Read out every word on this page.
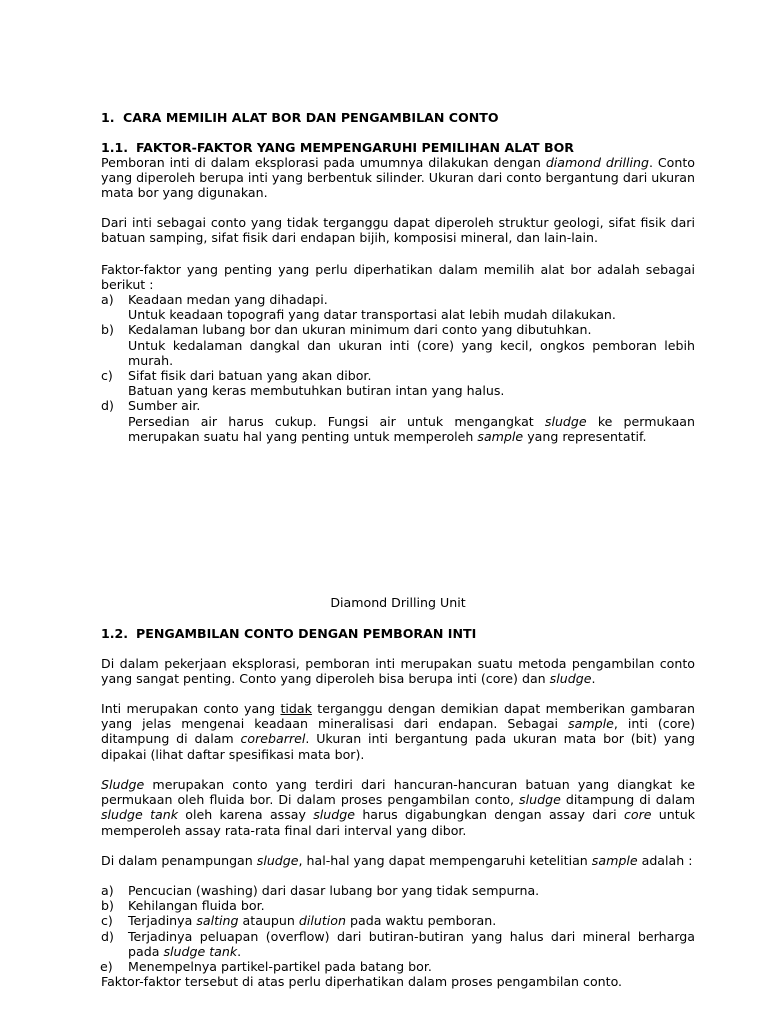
1. CARA MEMILIH ALAT BOR DAN PENGAMBILAN CONTO
1.1. FAKTOR-FAKTOR YANG MEMPENGARUHI PEMILIHAN ALAT BOR

Pemboran inti di dalam eksplorasi pada umumnya dilakukan dengan diamond drilling. Conto yang diperoleh berupa inti yang berbentuk silinder. Ukuran dari conto bergantung dari ukuran mata bor yang digunakan.

Dari inti sebagai conto yang tidak terganggu dapat diperoleh struktur geologi, sifat fisik dari batuan samping, sifat fisik dari endapan bijih, komposisi mineral, dan lain-lain.

Faktor-faktor yang penting yang perlu diperhatikan dalam memilih alat bor adalah sebagai berikut :

a) Keadaan medan yang dihadapi.
Untuk keadaan topografi yang datar transportasi alat lebih mudah dilakukan.
b) Kedalaman lubang bor dan ukuran minimum dari conto yang dibutuhkan.
Untuk kedalaman dangkal dan ukuran inti (core) yang kecil, ongkos pemboran lebih murah.
c) Sifat fisik dari batuan yang akan dibor.
Batuan yang keras membutuhkan butiran intan yang halus.
d) Sumber air.
Persedian air harus cukup. Fungsi air untuk mengangkat sludge ke permukaan merupakan suatu hal yang penting untuk memperoleh sample yang representatif.
Diamond Drilling Unit
1.2. PENGAMBILAN CONTO DENGAN PEMBORAN INTI

Di dalam pekerjaan eksplorasi, pemboran inti merupakan suatu metoda pengambilan conto yang sangat penting. Conto yang diperoleh bisa berupa inti (core) dan sludge.

Inti merupakan conto yang tidak terganggu dengan demikian dapat memberikan gambaran yang jelas mengenai keadaan mineralisasi dari endapan. Sebagai sample, inti (core) ditampung di dalam corebarrel. Ukuran inti bergantung pada ukuran mata bor (bit) yang dipakai (lihat daftar spesifikasi mata bor).

Sludge merupakan conto yang terdiri dari hancuran-hancuran batuan yang diangkat ke permukaan oleh fluida bor. Di dalam proses pengambilan conto, sludge ditampung di dalam sludge tank oleh karena assay sludge harus digabungkan dengan assay dari core untuk memperoleh assay rata-rata final dari interval yang dibor.

Di dalam penampungan sludge, hal-hal yang dapat mempengaruhi ketelitian sample adalah :

a) Pencucian (washing) dari dasar lubang bor yang tidak sempurna.
b) Kehilangan fluida bor.
c) Terjadinya salting ataupun dilution pada waktu pemboran.
d) Terjadinya peluapan (overflow) dari butiran-butiran yang halus dari mineral berharga pada sludge tank.
e) Menempelnya partikel-partikel pada batang bor.
Faktor-faktor tersebut di atas perlu diperhatikan dalam proses pengambilan conto.
